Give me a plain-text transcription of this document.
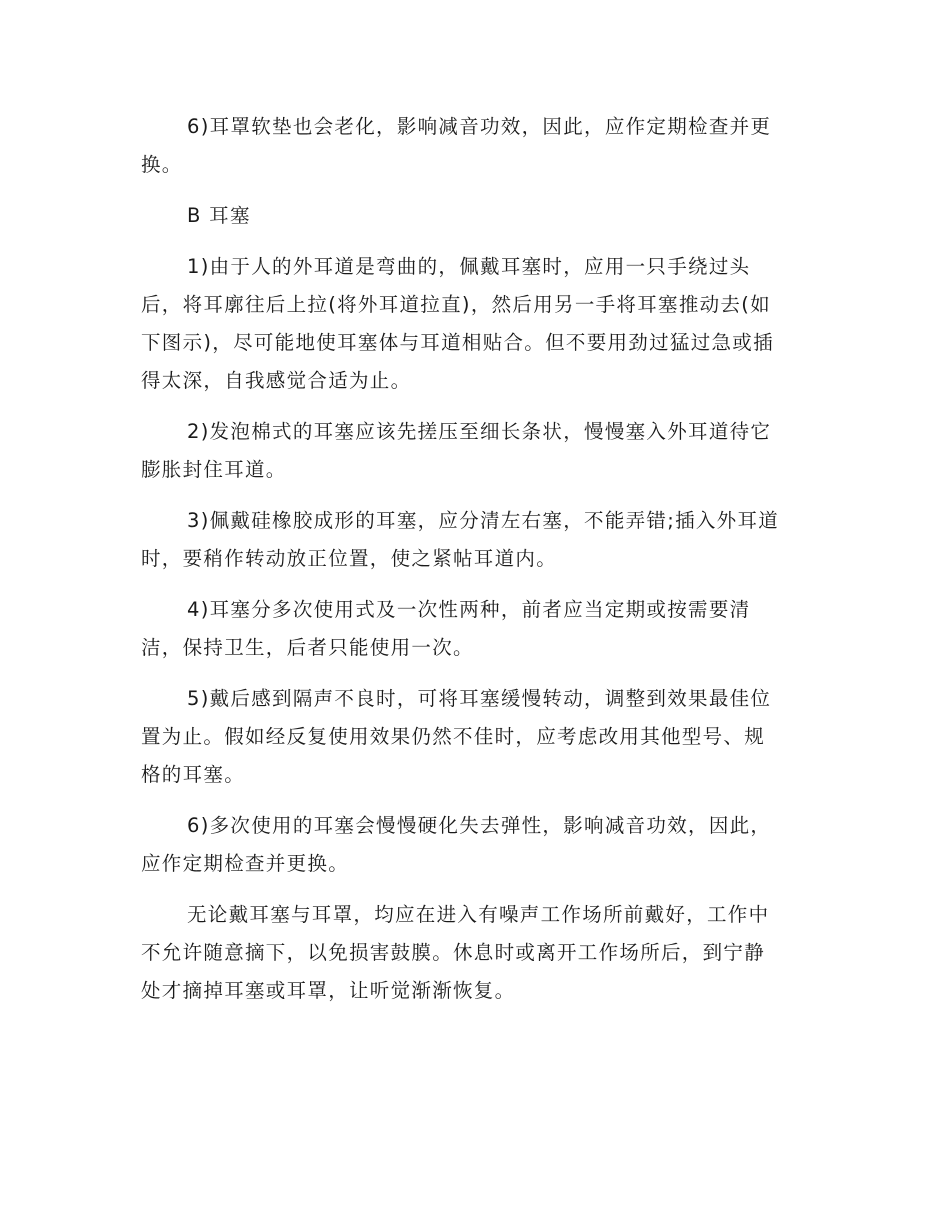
6)耳罩软垫也会老化，影响减音功效，因此，应作定期检查并更
换。

B 耳塞

1)由于人的外耳道是弯曲的，佩戴耳塞时，应用一只手绕过头
后，将耳廓往后上拉(将外耳道拉直)，然后用另一手将耳塞推动去(如
下图示)，尽可能地使耳塞体与耳道相贴合。但不要用劲过猛过急或插
得太深，自我感觉合适为止。

2)发泡棉式的耳塞应该先搓压至细长条状，慢慢塞入外耳道待它
膨胀封住耳道。

3)佩戴硅橡胶成形的耳塞，应分清左右塞，不能弄错;插入外耳道
时，要稍作转动放正位置，使之紧帖耳道内。

4)耳塞分多次使用式及一次性两种，前者应当定期或按需要清
洁，保持卫生，后者只能使用一次。

5)戴后感到隔声不良时，可将耳塞缓慢转动，调整到效果最佳位
置为止。假如经反复使用效果仍然不佳时，应考虑改用其他型号、规
格的耳塞。

6)多次使用的耳塞会慢慢硬化失去弹性，影响减音功效，因此，
应作定期检查并更换。

无论戴耳塞与耳罩，均应在进入有噪声工作场所前戴好，工作中
不允许随意摘下，以免损害鼓膜。休息时或离开工作场所后，到宁静
处才摘掉耳塞或耳罩，让听觉渐渐恢复。
